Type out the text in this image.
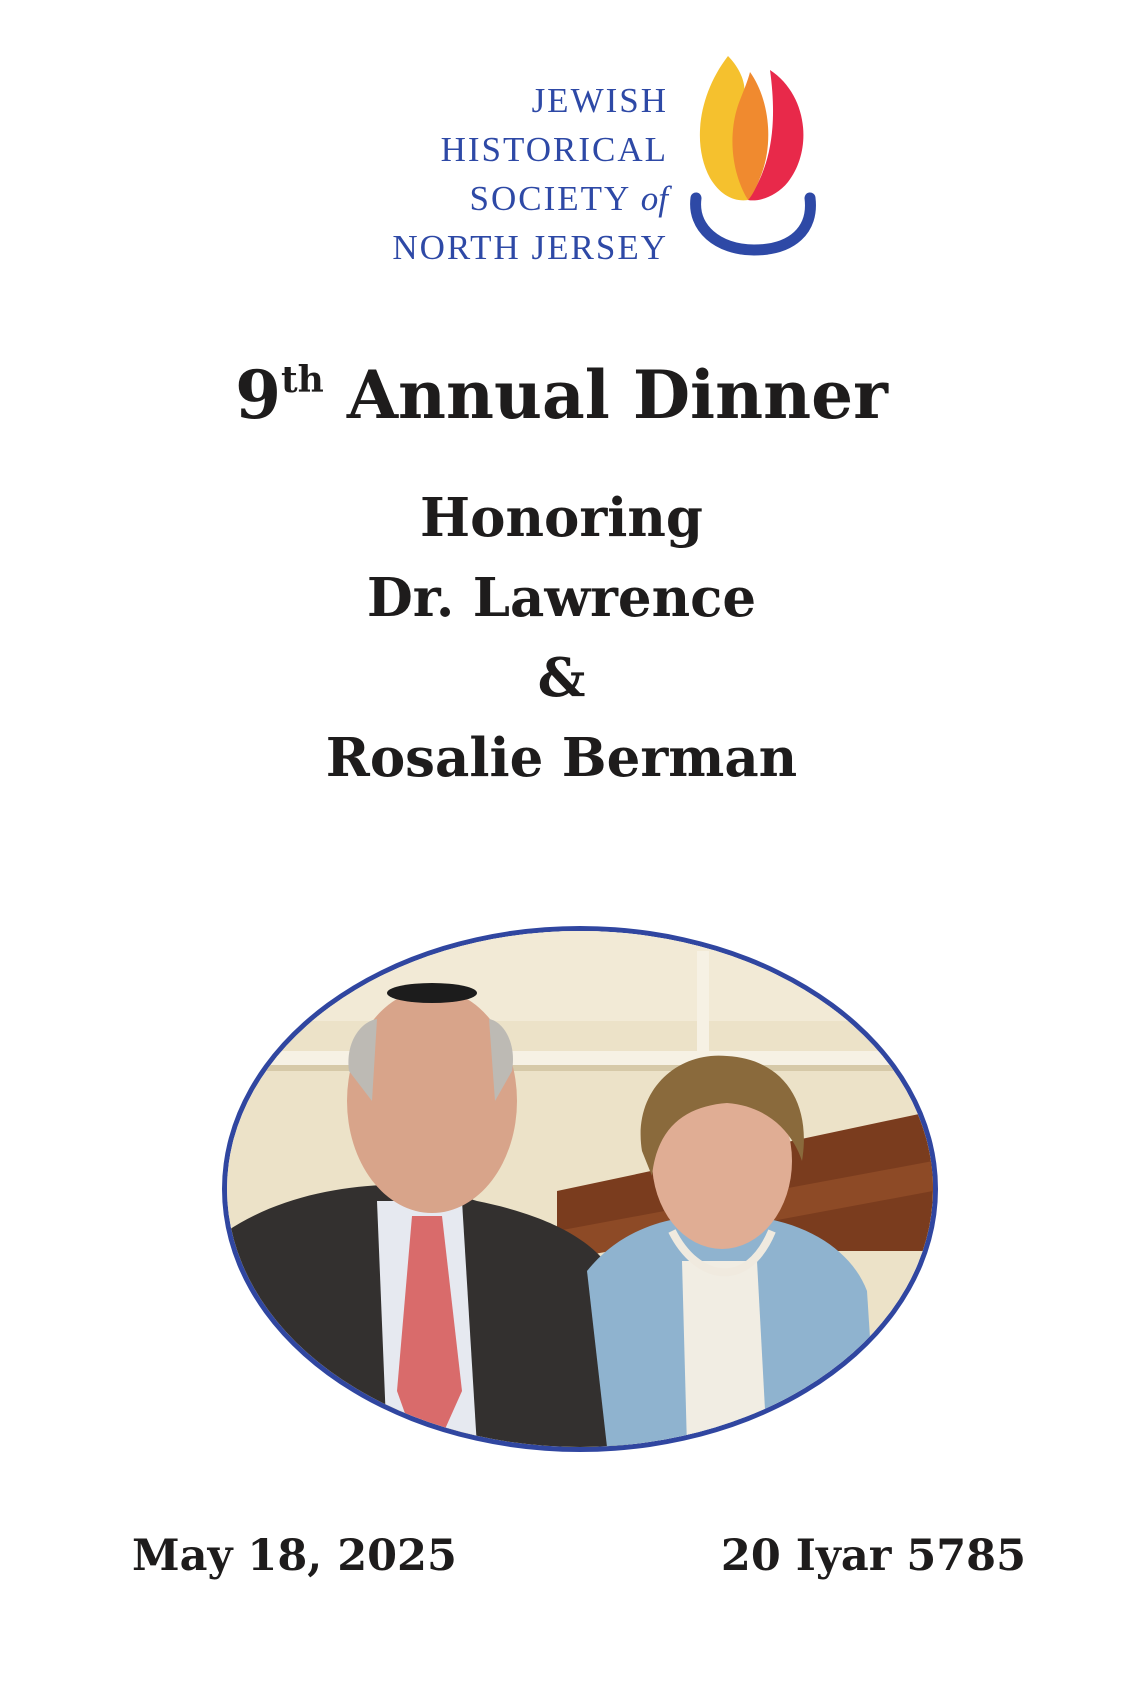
JEWISH
HISTORICAL
SOCIETY of
NORTH JERSEY
9th Annual Dinner
Honoring
Dr. Lawrence
&
Rosalie Berman
May 18, 2025	20 Iyar 5785
